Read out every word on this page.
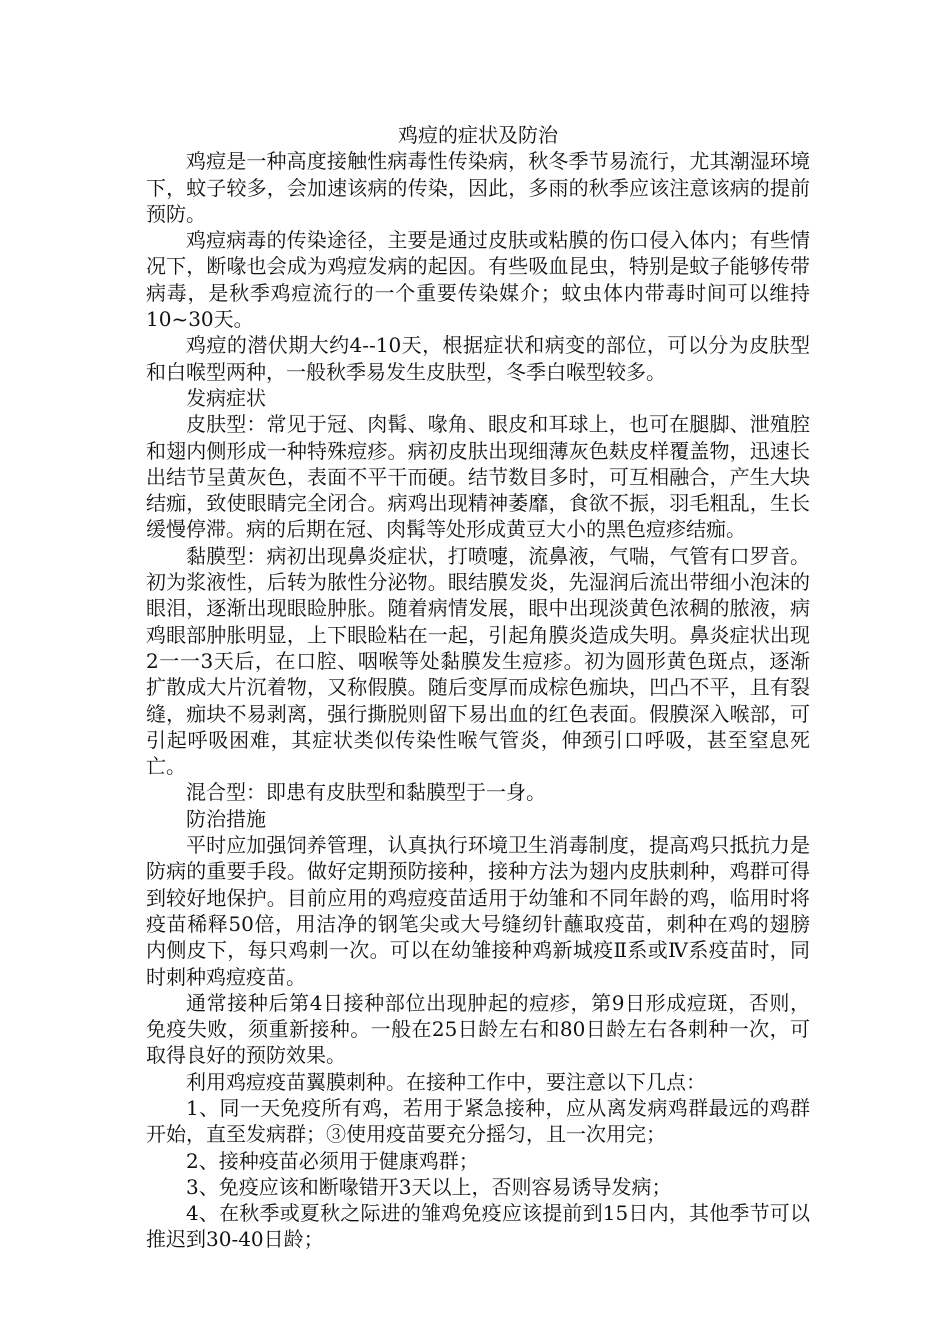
鸡痘的症状及防治

鸡痘是一种高度接触性病毒性传染病，秋冬季节易流行，尤其潮湿环境下，蚊子较多，会加速该病的传染，因此，多雨的秋季应该注意该病的提前预防。

鸡痘病毒的传染途径，主要是通过皮肤或粘膜的伤口侵入体内；有些情况下，断喙也会成为鸡痘发病的起因。有些吸血昆虫，特别是蚊子能够传带病毒，是秋季鸡痘流行的一个重要传染媒介；蚊虫体内带毒时间可以维持10~30天。

鸡痘的潜伏期大约4--10天，根据症状和病变的部位，可以分为皮肤型和白喉型两种，一般秋季易发生皮肤型，冬季白喉型较多。

发病症状

皮肤型：常见于冠、肉髯、喙角、眼皮和耳球上，也可在腿脚、泄殖腔和翅内侧形成一种特殊痘疹。病初皮肤出现细薄灰色麸皮样覆盖物，迅速长出结节呈黄灰色，表面不平干而硬。结节数目多时，可互相融合，产生大块结痂，致使眼睛完全闭合。病鸡出现精神萎靡，食欲不振，羽毛粗乱，生长缓慢停滞。病的后期在冠、肉髯等处形成黄豆大小的黑色痘疹结痂。

黏膜型：病初出现鼻炎症状，打喷嚏，流鼻液，气喘，气管有口罗音。初为浆液性，后转为脓性分泌物。眼结膜发炎，先湿润后流出带细小泡沫的眼泪，逐渐出现眼睑肿胀。随着病情发展，眼中出现淡黄色浓稠的脓液，病鸡眼部肿胀明显，上下眼睑粘在一起，引起角膜炎造成失明。鼻炎症状出现2一一3天后，在口腔、咽喉等处黏膜发生痘疹。初为圆形黄色斑点，逐渐扩散成大片沉着物，又称假膜。随后变厚而成棕色痂块，凹凸不平，且有裂缝，痂块不易剥离，强行撕脱则留下易出血的红色表面。假膜深入喉部，可引起呼吸困难，其症状类似传染性喉气管炎，伸颈引口呼吸，甚至窒息死亡。

混合型：即患有皮肤型和黏膜型于一身。

防治措施

平时应加强饲养管理，认真执行环境卫生消毒制度，提高鸡只抵抗力是防病的重要手段。做好定期预防接种，接种方法为翅内皮肤刺种，鸡群可得到较好地保护。目前应用的鸡痘疫苗适用于幼雏和不同年龄的鸡，临用时将疫苗稀释50倍，用洁净的钢笔尖或大号缝纫针蘸取疫苗，刺种在鸡的翅膀内侧皮下，每只鸡刺一次。可以在幼雏接种鸡新城疫Ⅱ系或Ⅳ系疫苗时，同时刺种鸡痘疫苗。

通常接种后第4日接种部位出现肿起的痘疹，第9日形成痘斑，否则，免疫失败，须重新接种。一般在25日龄左右和80日龄左右各刺种一次，可取得良好的预防效果。

利用鸡痘疫苗翼膜刺种。在接种工作中，要注意以下几点：

1、同一天免疫所有鸡，若用于紧急接种，应从离发病鸡群最远的鸡群开始，直至发病群；③使用疫苗要充分摇匀，且一次用完；

2、接种疫苗必须用于健康鸡群；

3、免疫应该和断喙错开3天以上，否则容易诱导发病；

4、在秋季或夏秋之际进的雏鸡免疫应该提前到15日内，其他季节可以推迟到30-40日龄；
